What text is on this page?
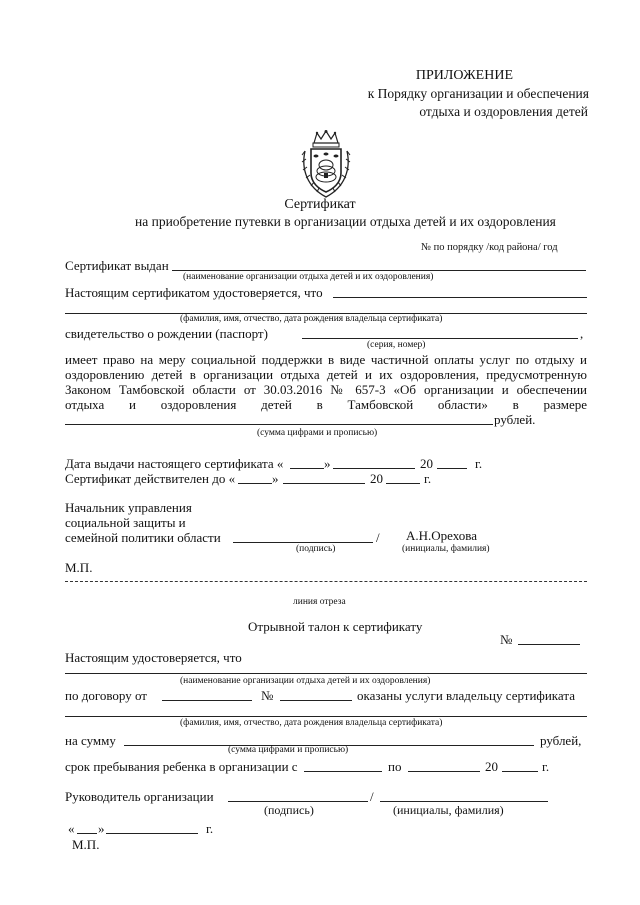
ПРИЛОЖЕНИЕ
к Порядку организации и обеспечения
отдыха и оздоровления детей
Сертификат
на приобретение путевки в организации отдыха детей и их оздоровления
№ по порядку /код района/ год
Сертификат выдан
(наименование организации отдыха детей и их оздоровления)
Настоящим сертификатом удостоверяется, что
(фамилия, имя, отчество, дата рождения владельца сертификата)
свидетельство о рождении (паспорт)	,
(серия, номер)
имеет право на меру социальной поддержки в виде частичной оплаты услуг по отдыху и
оздоровлению детей в организации отдыха детей и их оздоровления, предусмотренную
Законом Тамбовской области от 30.03.2016 № 657-3 «Об организации и обеспечении
отдыха и оздоровления детей в Тамбовской области» в размере
рублей.
(сумма цифрами и прописью)
Дата выдачи настоящего сертификата «	»	20	г.
Сертификат действителен до «	»	20	г.
Начальник управления
социальной защиты и
семейной политики области	/ А.Н.Орехова
(подпись)	(инициалы, фамилия)
М.П.
линия отреза
Отрывной талон к сертификату
№
Настоящим удостоверяется, что
(наименование организации отдыха детей и их оздоровления)
по договору от	№	оказаны услуги владельцу сертификата
(фамилия, имя, отчество, дата рождения владельца сертификата)
на сумму	рублей,
(сумма цифрами и прописью)
срок пребывания ребенка в организации с	по	20	г.
Руководитель организации	/
(подпись)	(инициалы, фамилия)
« »	г.
М.П.
